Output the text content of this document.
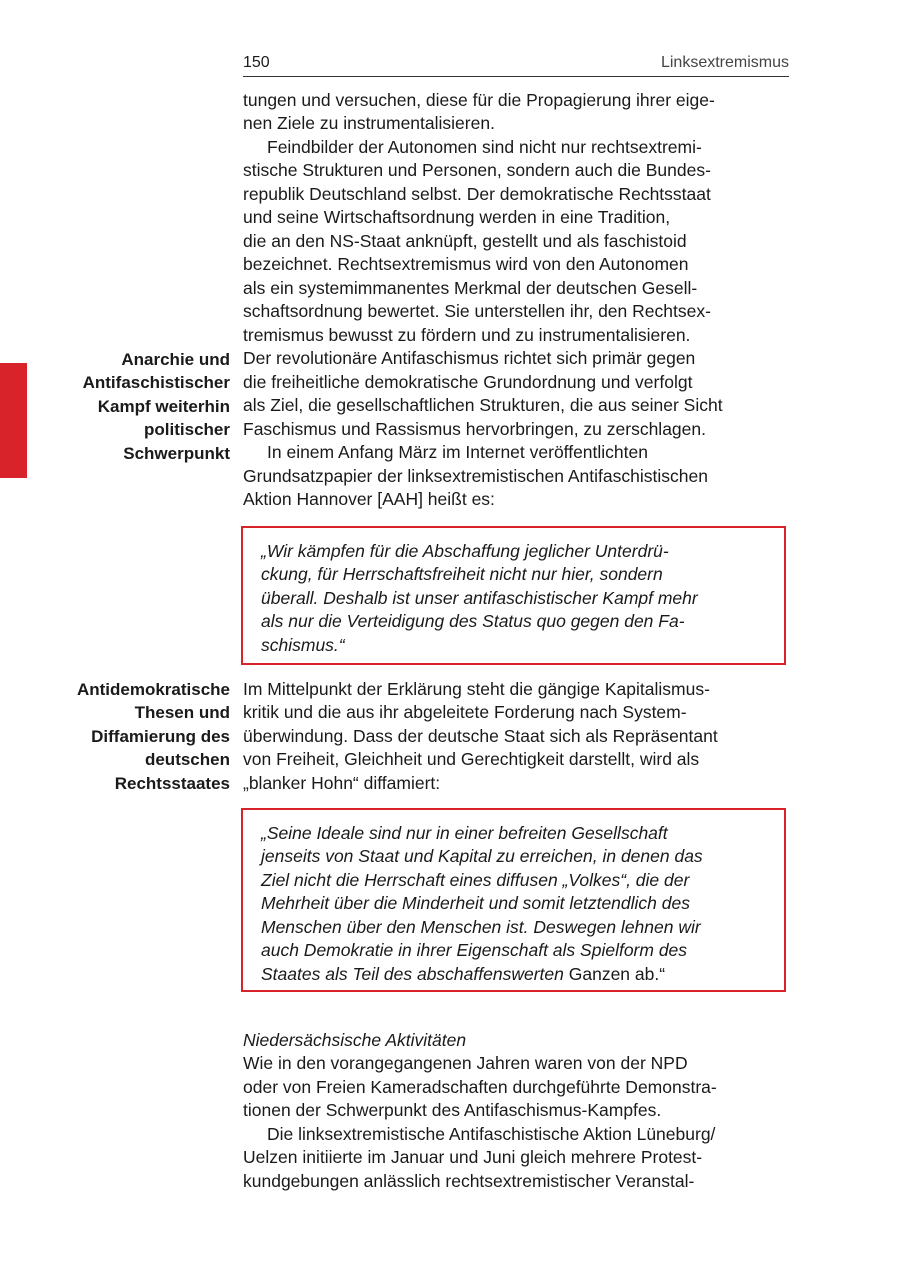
150	Linksextremismus
tungen und versuchen, diese für die Propagierung ihrer eige-
nen Ziele zu instrumentalisieren.
Feindbilder der Autonomen sind nicht nur rechtsextremi-
stische Strukturen und Personen, sondern auch die Bundes-
republik Deutschland selbst. Der demokratische Rechtsstaat
und seine Wirtschaftsordnung werden in eine Tradition,
die an den NS-Staat anknüpft, gestellt und als faschistoid
bezeichnet. Rechtsextremismus wird von den Autonomen
als ein systemimmanentes Merkmal der deutschen Gesell-
schaftsordnung bewertet. Sie unterstellen ihr, den Rechtsex-
tremismus bewusst zu fördern und zu instrumentalisieren.
Der revolutionäre Antifaschismus richtet sich primär gegen
die freiheitliche demokratische Grundordnung und verfolgt
als Ziel, die gesellschaftlichen Strukturen, die aus seiner Sicht
Faschismus und Rassismus hervorbringen, zu zerschlagen.
In einem Anfang März im Internet veröffentlichten
Grundsatzpapier der linksextremistischen Antifaschistischen
Aktion Hannover [AAH] heißt es:
Anarchie und
Antifaschistischer
Kampf weiterhin
politischer
Schwerpunkt
„Wir kämpfen für die Abschaffung jeglicher Unterdrü-
ckung, für Herrschaftsfreiheit nicht nur hier, sondern
überall. Deshalb ist unser antifaschistischer Kampf mehr
als nur die Verteidigung des Status quo gegen den Fa-
schismus.“
Antidemokratische
Thesen und
Diffamierung des
deutschen
Rechtsstaates
Im Mittelpunkt der Erklärung steht die gängige Kapitalismus-
kritik und die aus ihr abgeleitete Forderung nach System-
überwindung. Dass der deutsche Staat sich als Repräsentant
von Freiheit, Gleichheit und Gerechtigkeit darstellt, wird als
„blanker Hohn“ diffamiert:
„Seine Ideale sind nur in einer befreiten Gesellschaft
jenseits von Staat und Kapital zu erreichen, in denen das
Ziel nicht die Herrschaft eines diffusen „Volkes“, die der
Mehrheit über die Minderheit und somit letztendlich des
Menschen über den Menschen ist. Deswegen lehnen wir
auch Demokratie in ihrer Eigenschaft als Spielform des
Staates als Teil des abschaffenswerten Ganzen ab.“
Niedersächsische Aktivitäten
Wie in den vorangegangenen Jahren waren von der NPD
oder von Freien Kameradschaften durchgeführte Demonstra-
tionen der Schwerpunkt des Antifaschismus-Kampfes.
Die linksextremistische Antifaschistische Aktion Lüneburg/
Uelzen initiierte im Januar und Juni gleich mehrere Protest-
kundgebungen anlässlich rechtsextremistischer Veranstal-
